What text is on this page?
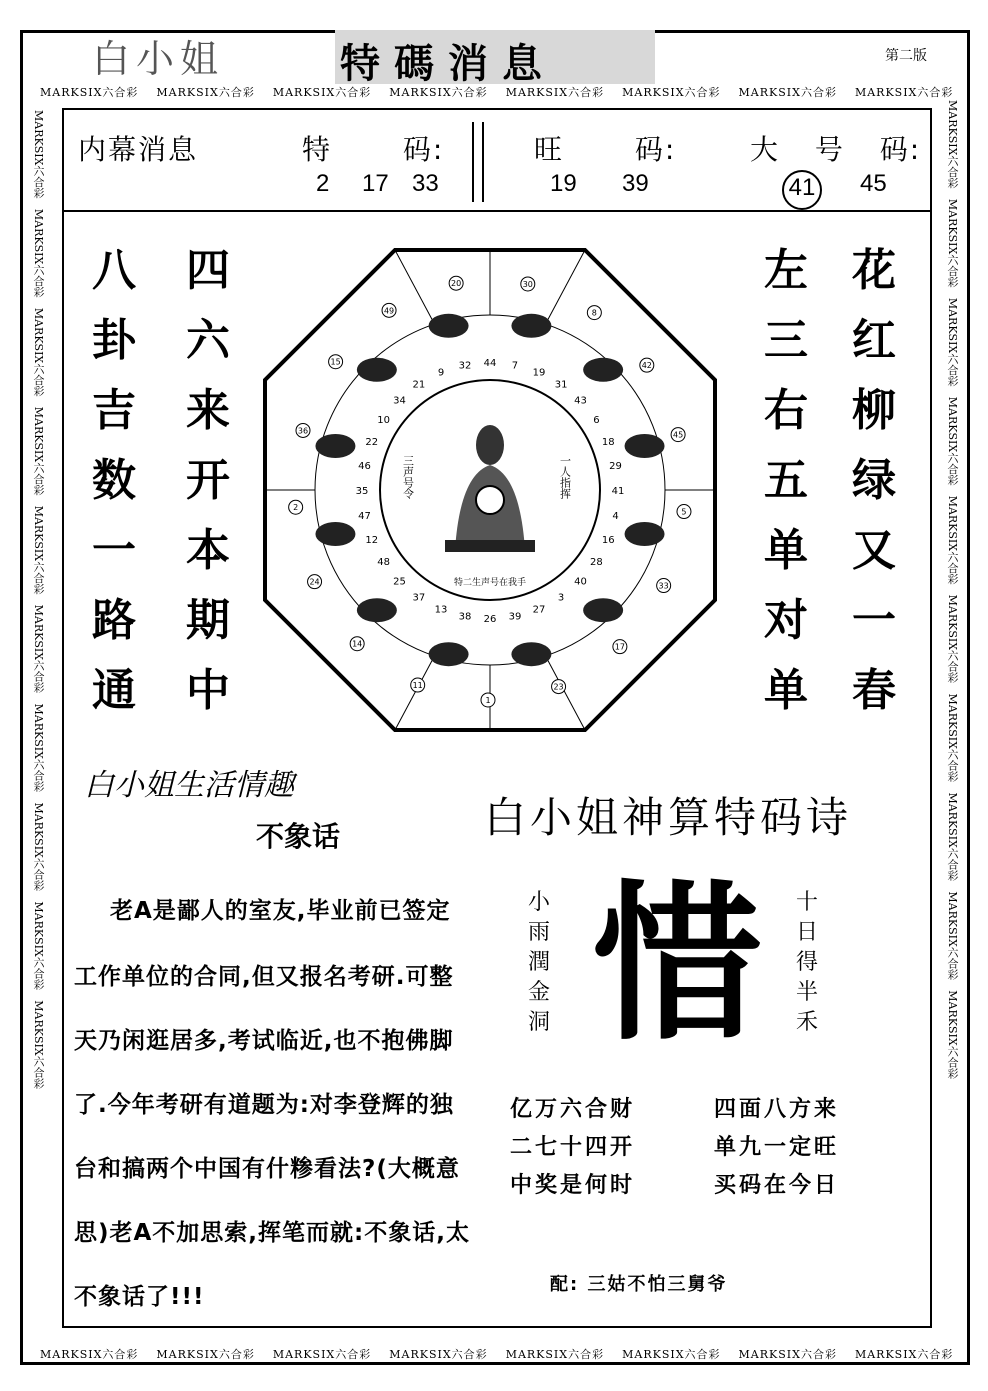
MARKSIX六合彩 MARKSIX六合彩 MARKSIX六合彩 MARKSIX六合彩 MARKSIX六合彩 MARKSIX六合彩 MARKSIX六合彩 MARKSIX六合彩
MARKSIX六合彩 MARKSIX六合彩 MARKSIX六合彩 MARKSIX六合彩 MARKSIX六合彩 MARKSIX六合彩 MARKSIX六合彩 MARKSIX六合彩
MARKSIX六合彩   MARKSIX六合彩   MARKSIX六合彩   MARKSIX六合彩   MARKSIX六合彩   MARKSIX六合彩   MARKSIX六合彩   MARKSIX六合彩   MARKSIX六合彩   MARKSIX六合彩
MARKSIX六合彩   MARKSIX六合彩   MARKSIX六合彩   MARKSIX六合彩   MARKSIX六合彩   MARKSIX六合彩   MARKSIX六合彩   MARKSIX六合彩   MARKSIX六合彩   MARKSIX六合彩
白小姐	特碼消息	第二版
内幕消息	特 码:
2 17 33
旺 码:
19 39
大 号 码:
41 45
八
卦
吉
数
一
路
通
四
六
来
开
本
期
中
左
三
右
五
单
对
单
花
红
柳
绿
又
一
春
三声号令	一人指挥
特二生声号在我手
44 7
19
31
43
6
18
29
41
4
16
28
40
3
27
39
26
38
13
37
25
48
12
47
35
46
22
10
34
21
9
32
20	30
8
42
45
5
33
17
23
1
11
14
24
2
36
15
49
白小姐生活情趣
不象话
老A是鄙人的室友,毕业前已签定
工作单位的合同,但又报名考研.可整
天乃闲逛居多,考试临近,也不抱佛脚
了.今年考研有道题为:对李登辉的独
台和搞两个中国有什糁看法?(大概意
思)老A不加思索,挥笔而就:不象话,太
不象话了!!!
白小姐神算特码诗
惜
小
雨
潤
金
洞
十
日
得
半
禾
亿万六合财
二七十四开
中奖是何时
四面八方来
单九一定旺
买码在今日
配: 三姑不怕三舅爷
